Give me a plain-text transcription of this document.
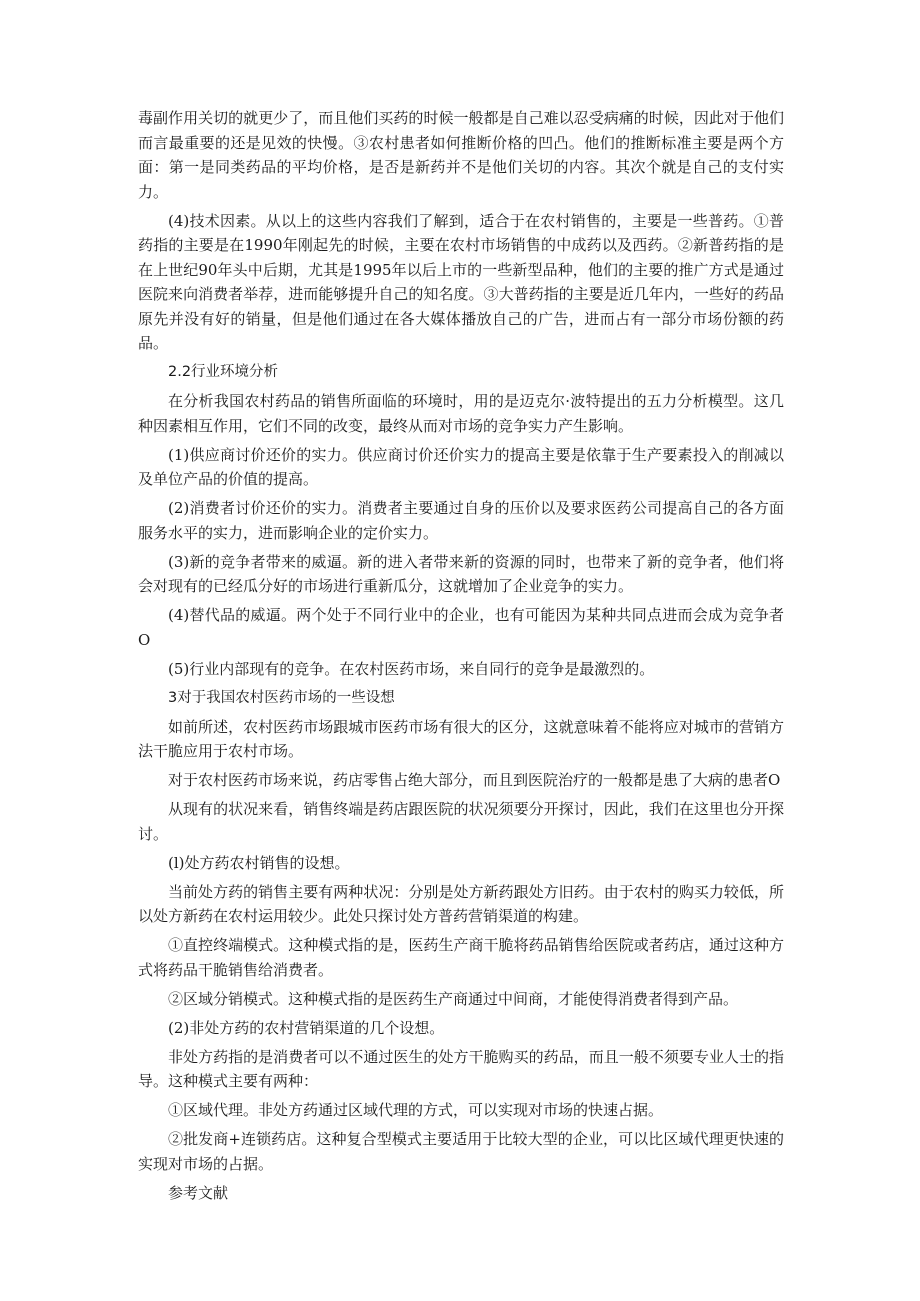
毒副作用关切的就更少了，而且他们买药的时候一般都是自己难以忍受病痛的时候，因此对于他们而言最重要的还是见效的快慢。③农村患者如何推断价格的凹凸。他们的推断标准主要是两个方面：第一是同类药品的平均价格，是否是新药并不是他们关切的内容。其次个就是自己的支付实力。

(4)技术因素。从以上的这些内容我们了解到，适合于在农村销售的，主要是一些普药。①普药指的主要是在1990年刚起先的时候，主要在农村市场销售的中成药以及西药。②新普药指的是在上世纪90年头中后期，尤其是1995年以后上市的一些新型品种，他们的主要的推广方式是通过医院来向消费者举荐，进而能够提升自己的知名度。③大普药指的主要是近几年内，一些好的药品原先并没有好的销量，但是他们通过在各大媒体播放自己的广告，进而占有一部分市场份额的药品。

2.2行业环境分析

在分析我国农村药品的销售所面临的环境时，用的是迈克尔·波特提出的五力分析模型。这几种因素相互作用，它们不同的改变，最终从而对市场的竞争实力产生影响。

(1)供应商讨价还价的实力。供应商讨价还价实力的提高主要是依靠于生产要素投入的削减以及单位产品的价值的提高。

(2)消费者讨价还价的实力。消费者主要通过自身的压价以及要求医药公司提高自己的各方面服务水平的实力，进而影响企业的定价实力。

(3)新的竞争者带来的威逼。新的进入者带来新的资源的同时，也带来了新的竞争者，他们将会对现有的已经瓜分好的市场进行重新瓜分，这就增加了企业竞争的实力。

(4)替代品的威逼。两个处于不同行业中的企业，也有可能因为某种共同点进而会成为竞争者O

(5)行业内部现有的竞争。在农村医药市场，来自同行的竞争是最激烈的。

3对于我国农村医药市场的一些设想

如前所述，农村医药市场跟城市医药市场有很大的区分，这就意味着不能将应对城市的营销方法干脆应用于农村市场。

对于农村医药市场来说，药店零售占绝大部分，而且到医院治疗的一般都是患了大病的患者O

从现有的状况来看，销售终端是药店跟医院的状况须要分开探讨，因此，我们在这里也分开探讨。

(l)处方药农村销售的设想。

当前处方药的销售主要有两种状况：分别是处方新药跟处方旧药。由于农村的购买力较低，所以处方新药在农村运用较少。此处只探讨处方普药营销渠道的构建。

①直控终端模式。这种模式指的是，医药生产商干脆将药品销售给医院或者药店，通过这种方式将药品干脆销售给消费者。

②区域分销模式。这种模式指的是医药生产商通过中间商，才能使得消费者得到产品。

(2)非处方药的农村营销渠道的几个设想。

非处方药指的是消费者可以不通过医生的处方干脆购买的药品，而且一般不须要专业人士的指导。这种模式主要有两种：

①区域代理。非处方药通过区域代理的方式，可以实现对市场的快速占据。

②批发商+连锁药店。这种复合型模式主要适用于比较大型的企业，可以比区域代理更快速的实现对市场的占据。

参考文献
